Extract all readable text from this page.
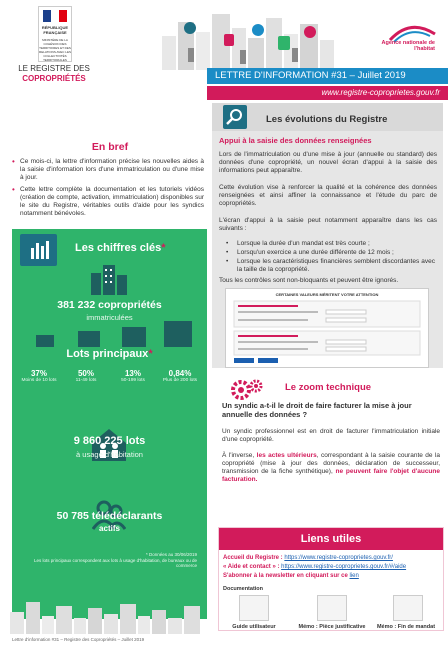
RÉPUBLIQUE
FRANÇAISE
MINISTÈRE DE LA COHÉSION DES TERRITOIRES ET DES RELATIONS AVEC LES COLLECTIVITÉS TERRITORIALES
LE REGISTRE DES
COPROPRIÉTÉS
Agence nationale de l'habitat
LETTRE D'INFORMATION #31 – Juillet 2019
www.registre-coproprietes.gouv.fr
En bref
• Ce mois-ci, la lettre d'information précise les nouvelles aides à la saisie d'information lors d'une immatriculation ou d'une mise à jour.
• Cette lettre complète la documentation et les tutoriels vidéos (création de compte, activation, immatriculation) disponibles sur le site du Registre, véritables outils d'aide pour les syndics notamment bénévoles.
Les chiffres clés*
381 232 copropriétés
immatriculées
Lots principaux*
37%
Moins de 10 lots
50%
11-49 lots
13%
50-199 lots
0,84%
Plus de 200 lots
9 860 225 lots
à usage d'habitation
50 785 télédéclarants
actifs
* Données au 30/06/2019
Les lots principaux correspondent aux lots à usage d'habitation, de bureaux ou de commerce
Les évolutions du Registre
Appui à la saisie des données renseignées
Lors de l'immatriculation ou d'une mise à jour (annuelle ou standard) des données d'une copropriété, un nouvel écran d'appui à la saisie des informations peut apparaître.
Cette évolution vise à renforcer la qualité et la cohérence des données renseignées et ainsi affiner la connaissance et l'étude du parc de copropriétés.
L'écran d'appui à la saisie peut notamment apparaître dans les cas suivants :
• Lorsque la durée d'un mandat est très courte ;
• Lorsqu'un exercice a une durée différente de 12 mois ;
• Lorsque les caractéristiques financières semblent discordantes avec la taille de la copropriété.
Tous les contrôles sont non-bloquants et peuvent être ignorés.
CERTAINES VALEURS MÉRITENT VOTRE ATTENTION
Le zoom technique
Un syndic a-t-il le droit de faire facturer la mise à jour annuelle des données ?
Un syndic professionnel est en droit de facturer l'immatriculation initiale d'une copropriété.
À l'inverse, les actes ultérieurs, correspondant à la saisie courante de la copropriété (mise à jour des données, déclaration de successeur, transmission de la fiche synthétique), ne peuvent faire l'objet d'aucune facturation.
Liens utiles
Accueil du Registre : https://www.registre-coproprietes.gouv.fr/
« Aide et contact » : https://www.registre-coproprietes.gouv.fr/#/aide
S'abonner à la newsletter en cliquant sur ce lien
Documentation
Guide utilisateur	Mémo : Pièce justificative	Mémo : Fin de mandat
Lettre d'information #31 – Registre des Copropriétés – Juillet 2019
